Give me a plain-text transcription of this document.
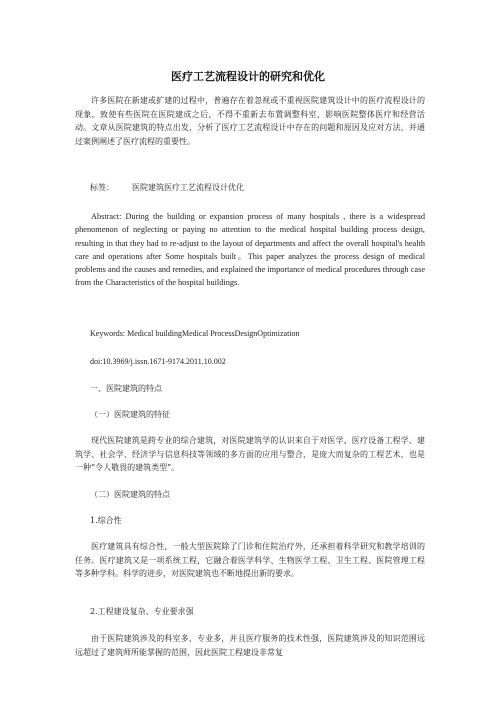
医疗工艺流程设计的研究和优化

许多医院在新建或扩建的过程中，普遍存在着忽视或不重视医院建筑设计中的医疗流程设计的现象，致使有些医院在医院建成之后，不得不重新去布置调整科室，影响医院整体医疗和经营活动。文章从医院建筑的特点出发，分析了医疗工艺流程设计中存在的问题和原因及应对方法，并通过案例阐述了医疗流程的重要性。

标签： 医院建筑医疗工艺流程设计优化

Abstract: During the building or expansion process of many hospitals , there is a widespread phenomenon of neglecting or paying no attention to the medical hospital building process design, resulting in that they had to re-adjust to the layout of departments and affect the overall hospital's health care and operations after Some hospitals built。This paper analyzes the process design of medical problems and the causes and remedies, and explained the importance of medical procedures through case from the Characteristics of the hospital buildings.

Keywords: Medical buildingMedical ProcessDesignOptimization

doi:10.3969/j.issn.1671-9174.2011.10.002

一、医院建筑的特点

（一）医院建筑的特征

现代医院建筑是跨专业的综合建筑，对医院建筑学的认识来自于对医学、医疗设备工程学、建筑学、社会学、经济学与信息科技等领域的多方面的应用与整合，是庞大而复杂的工程艺术，也是一种“令人敬畏的建筑类型”。

（二）医院建筑的特点

1.综合性

医疗建筑具有综合性，一般大型医院除了门诊和住院治疗外，还承担着科学研究和教学培训的任务。医疗建筑又是一项系统工程，它融合着医学科学、生物医学工程、卫生工程、医院管理工程等多种学科。科学的进步，对医院建筑也不断地提出新的要求。

2.工程建设复杂、专业要求强

由于医院建筑涉及的科室多、专业多，并且医疗服务的技术性强，医院建筑涉及的知识范围远远超过了建筑师所能掌握的范围，因此医院工程建设非常复
